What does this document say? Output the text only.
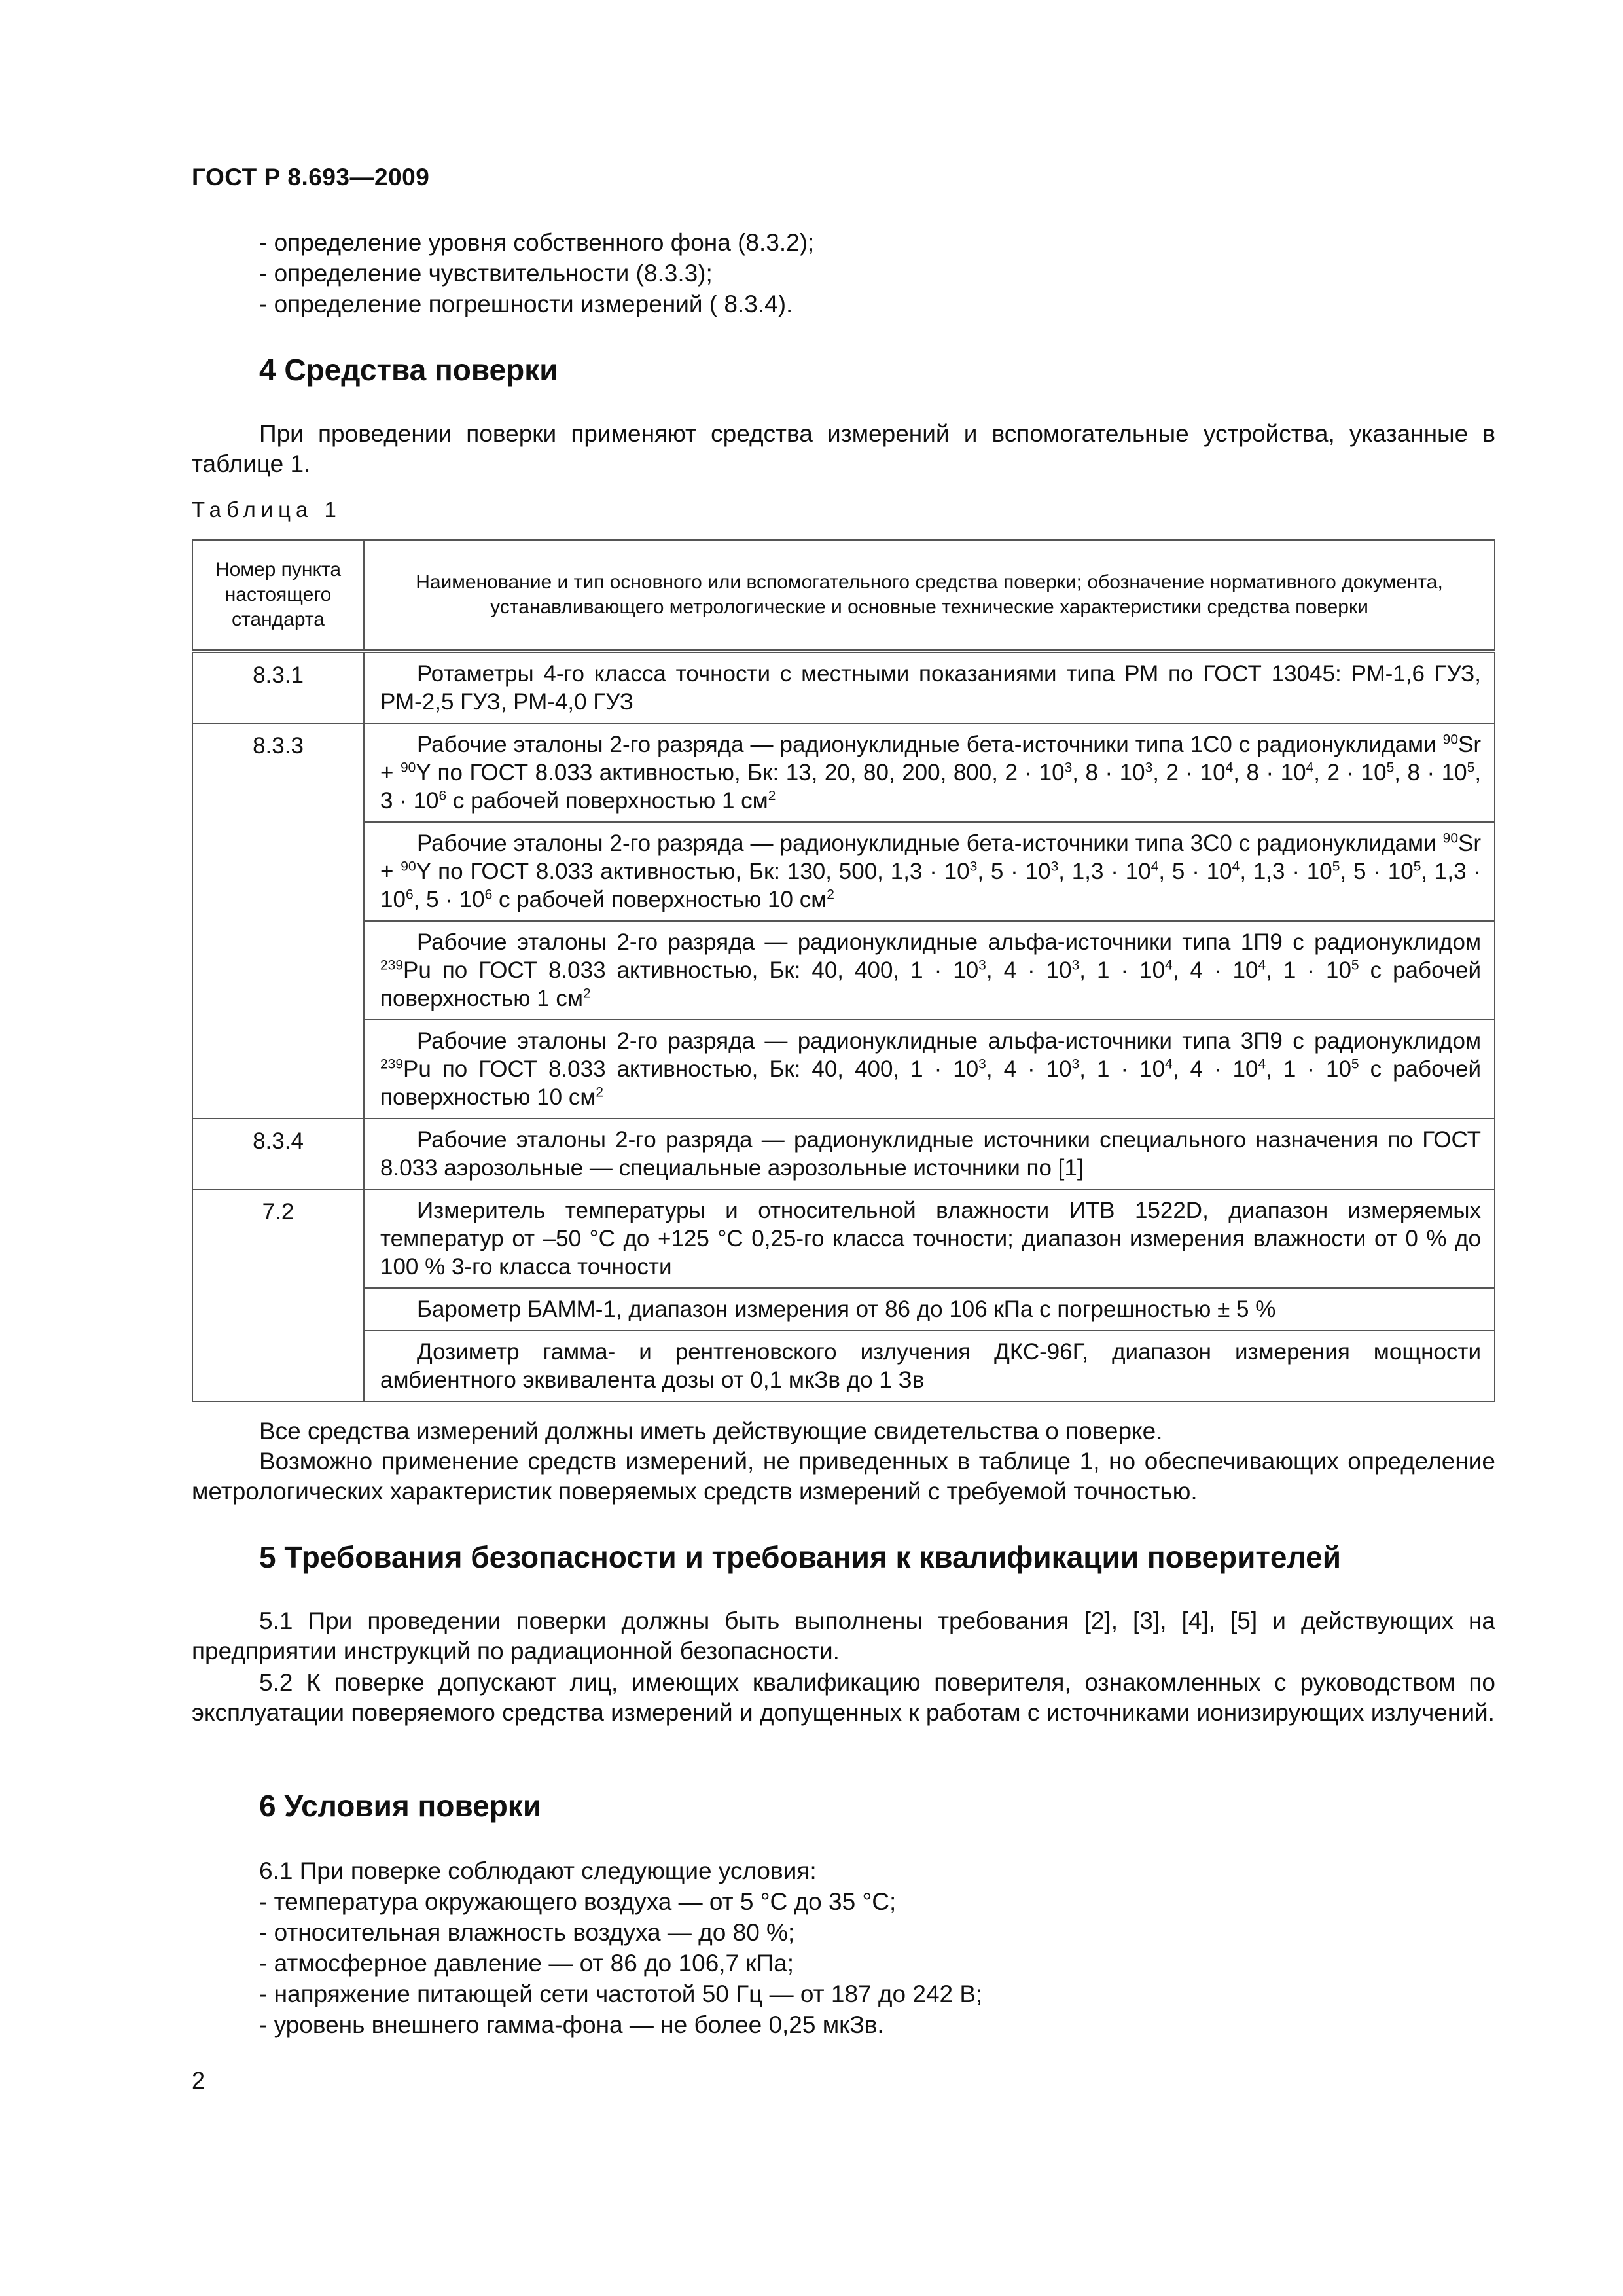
ГОСТ Р 8.693—2009
- определение уровня собственного фона (8.3.2);
- определение чувствительности (8.3.3);
- определение погрешности измерений ( 8.3.4).
4 Средства поверки
При проведении поверки применяют средства измерений и вспомогательные устройства, указанные в таблице 1.
Таблица 1
Номер пункта настоящего стандарта	Наименование и тип основного или вспомогательного средства поверки; обозначение нормативного документа, устанавливающего метрологические и основные технические характеристики средства поверки
8.3.1	Ротаметры 4-го класса точности с местными показаниями типа РМ по ГОСТ 13045: РМ-1,6 ГУЗ, РМ-2,5 ГУЗ, РМ-4,0 ГУЗ
8.3.3	Рабочие эталоны 2-го разряда — радионуклидные бета-источники типа 1С0 с радионуклидами $^{90}$Sr + $^{90}$Y по ГОСТ 8.033 активностью, Бк: 13, 20, 80, 200, 800, $2 \cdot 10^3$, $8 \cdot 10^3$, $2 \cdot 10^4$, $8 \cdot 10^4$, $2 \cdot 10^5$, $8 \cdot 10^5$, $3 \cdot 10^6$ с рабочей поверхностью 1 $см^2$
	Рабочие эталоны 2-го разряда — радионуклидные бета-источники типа 3С0 с радионуклидами $^{90}$Sr + $^{90}$Y по ГОСТ 8.033 активностью, Бк: 130, 500, $1,3 \cdot 10^3$, $5 \cdot 10^3$, $1,3 \cdot 10^4$, $5 \cdot 10^4$, $1,3 \cdot 10^5$, $5 \cdot 10^5$, $1,3 \cdot 10^6$, $5 \cdot 10^6$ с рабочей поверхностью 10 $см^2$
	Рабочие эталоны 2-го разряда — радионуклидные альфа-источники типа 1П9 с радионуклидом $^{239}$Pu по ГОСТ 8.033 активностью, Бк: 40, 400, $1 \cdot 10^3$, $4 \cdot 10^3$, $1 \cdot 10^4$, $4 \cdot 10^4$, $1 \cdot 10^5$ с рабочей поверхностью 1 $см^2$
	Рабочие эталоны 2-го разряда — радионуклидные альфа-источники типа 3П9 с радионуклидом $^{239}$Pu по ГОСТ 8.033 активностью, Бк: 40, 400, $1 \cdot 10^3$, $4 \cdot 10^3$, $1 \cdot 10^4$, $4 \cdot 10^4$, $1 \cdot 10^5$ с рабочей поверхностью 10 $см^2$
8.3.4	Рабочие эталоны 2-го разряда — радионуклидные источники специального назначения по ГОСТ 8.033 аэрозольные — специальные аэрозольные источники по [1]
7.2	Измеритель температуры и относительной влажности ИТВ 1522D, диапазон измеряемых температур от –50 °С до +125 °С 0,25-го класса точности; диапазон измерения влажности от 0 % до 100 % 3-го класса точности
	Барометр БАММ-1, диапазон измерения от 86 до 106 кПа с погрешностью ± 5 %
	Дозиметр гамма- и рентгеновского излучения ДКС-96Г, диапазон измерения мощности амбиентного эквивалента дозы от 0,1 мкЗв до 1 Зв
Все средства измерений должны иметь действующие свидетельства о поверке.
Возможно применение средств измерений, не приведенных в таблице 1, но обеспечивающих определение метрологических характеристик поверяемых средств измерений с требуемой точностью.
5 Требования безопасности и требования к квалификации поверителей
5.1 При проведении поверки должны быть выполнены требования [2], [3], [4], [5] и действующих на предприятии инструкций по радиационной безопасности.
5.2 К поверке допускают лиц, имеющих квалификацию поверителя, ознакомленных с руководством по эксплуатации поверяемого средства измерений и допущенных к работам с источниками ионизирующих излучений.
6 Условия поверки
6.1 При поверке соблюдают следующие условия:
- температура окружающего воздуха — от 5 °С до 35 °С;
- относительная влажность воздуха — до 80 %;
- атмосферное давление — от 86 до 106,7 кПа;
- напряжение питающей сети частотой 50 Гц — от 187 до 242 В;
- уровень внешнего гамма-фона — не более 0,25 мкЗв.
2
